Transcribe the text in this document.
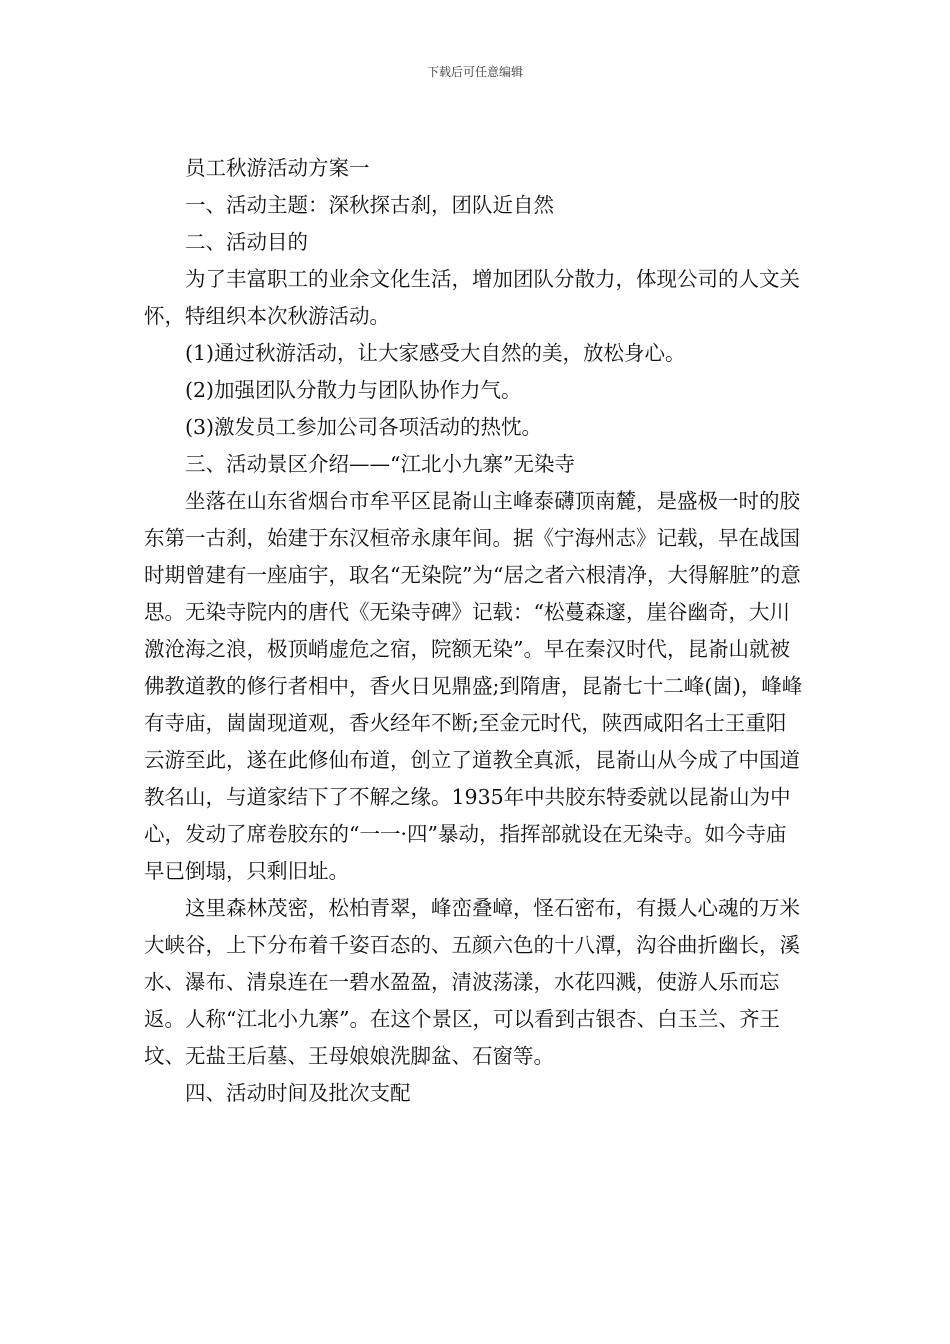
下载后可任意编辑

员工秋游活动方案一

一、活动主题：深秋探古刹，团队近自然

二、活动目的

为了丰富职工的业余文化生活，增加团队分散力，体现公司的人文关怀，特组织本次秋游活动。

(1)通过秋游活动，让大家感受大自然的美，放松身心。

(2)加强团队分散力与团队协作力气。

(3)激发员工参加公司各项活动的热忱。

三、活动景区介绍——“江北小九寨”无染寺

坐落在山东省烟台市牟平区昆嵛山主峰泰礴顶南麓，是盛极一时的胶东第一古刹，始建于东汉桓帝永康年间。据《宁海州志》记载，早在战国时期曾建有一座庙宇，取名“无染院”为“居之者六根清净，大得解脏”的意思。无染寺院内的唐代《无染寺碑》记载：“松蔓森邃，崖谷幽奇，大川激沧海之浪，极顶峭虚危之宿，院额无染”。早在秦汉时代，昆嵛山就被佛教道教的修行者相中，香火日见鼎盛;到隋唐，昆嵛七十二峰(崮)，峰峰有寺庙，崮崮现道观，香火经年不断;至金元时代，陕西咸阳名士王重阳云游至此，遂在此修仙布道，创立了道教全真派，昆嵛山从今成了中国道教名山，与道家结下了不解之缘。1935年中共胶东特委就以昆嵛山为中心，发动了席卷胶东的“一一·四”暴动，指挥部就设在无染寺。如今寺庙早已倒塌，只剩旧址。

这里森林茂密，松柏青翠，峰峦叠嶂，怪石密布，有摄人心魂的万米大峡谷，上下分布着千姿百态的、五颜六色的十八潭，沟谷曲折幽长，溪水、瀑布、清泉连在一碧水盈盈，清波荡漾，水花四溅，使游人乐而忘返。人称“江北小九寨”。在这个景区，可以看到古银杏、白玉兰、齐王坟、无盐王后墓、王母娘娘洗脚盆、石窗等。

四、活动时间及批次支配
